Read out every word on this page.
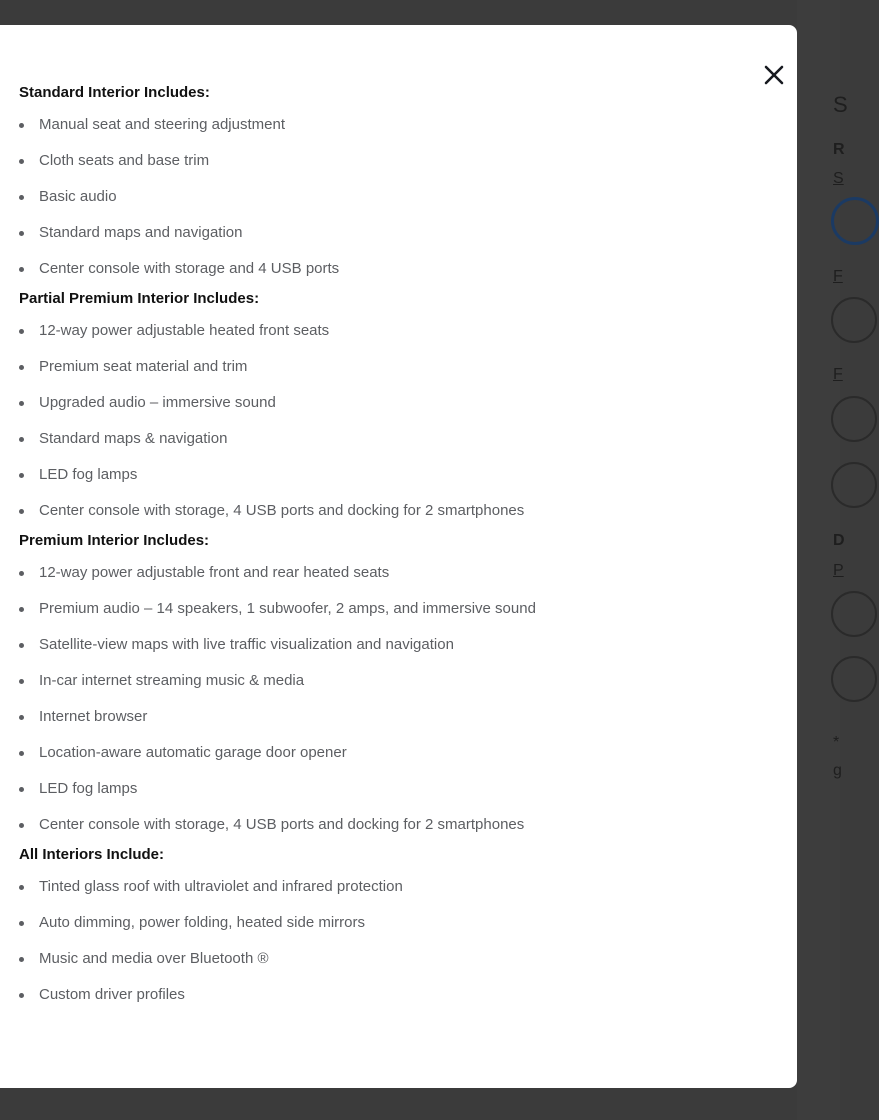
S
R
S
F
F
D
P
*
g
Standard Interior Includes:
Manual seat and steering adjustment
Cloth seats and base trim
Basic audio
Standard maps and navigation
Center console with storage and 4 USB ports
Partial Premium Interior Includes:
12-way power adjustable heated front seats
Premium seat material and trim
Upgraded audio – immersive sound
Standard maps & navigation
LED fog lamps
Center console with storage, 4 USB ports and docking for 2 smartphones
Premium Interior Includes:
12-way power adjustable front and rear heated seats
Premium audio – 14 speakers, 1 subwoofer, 2 amps, and immersive sound
Satellite-view maps with live traffic visualization and navigation
In-car internet streaming music & media
Internet browser
Location-aware automatic garage door opener
LED fog lamps
Center console with storage, 4 USB ports and docking for 2 smartphones
All Interiors Include:
Tinted glass roof with ultraviolet and infrared protection
Auto dimming, power folding, heated side mirrors
Music and media over Bluetooth ®
Custom driver profiles
